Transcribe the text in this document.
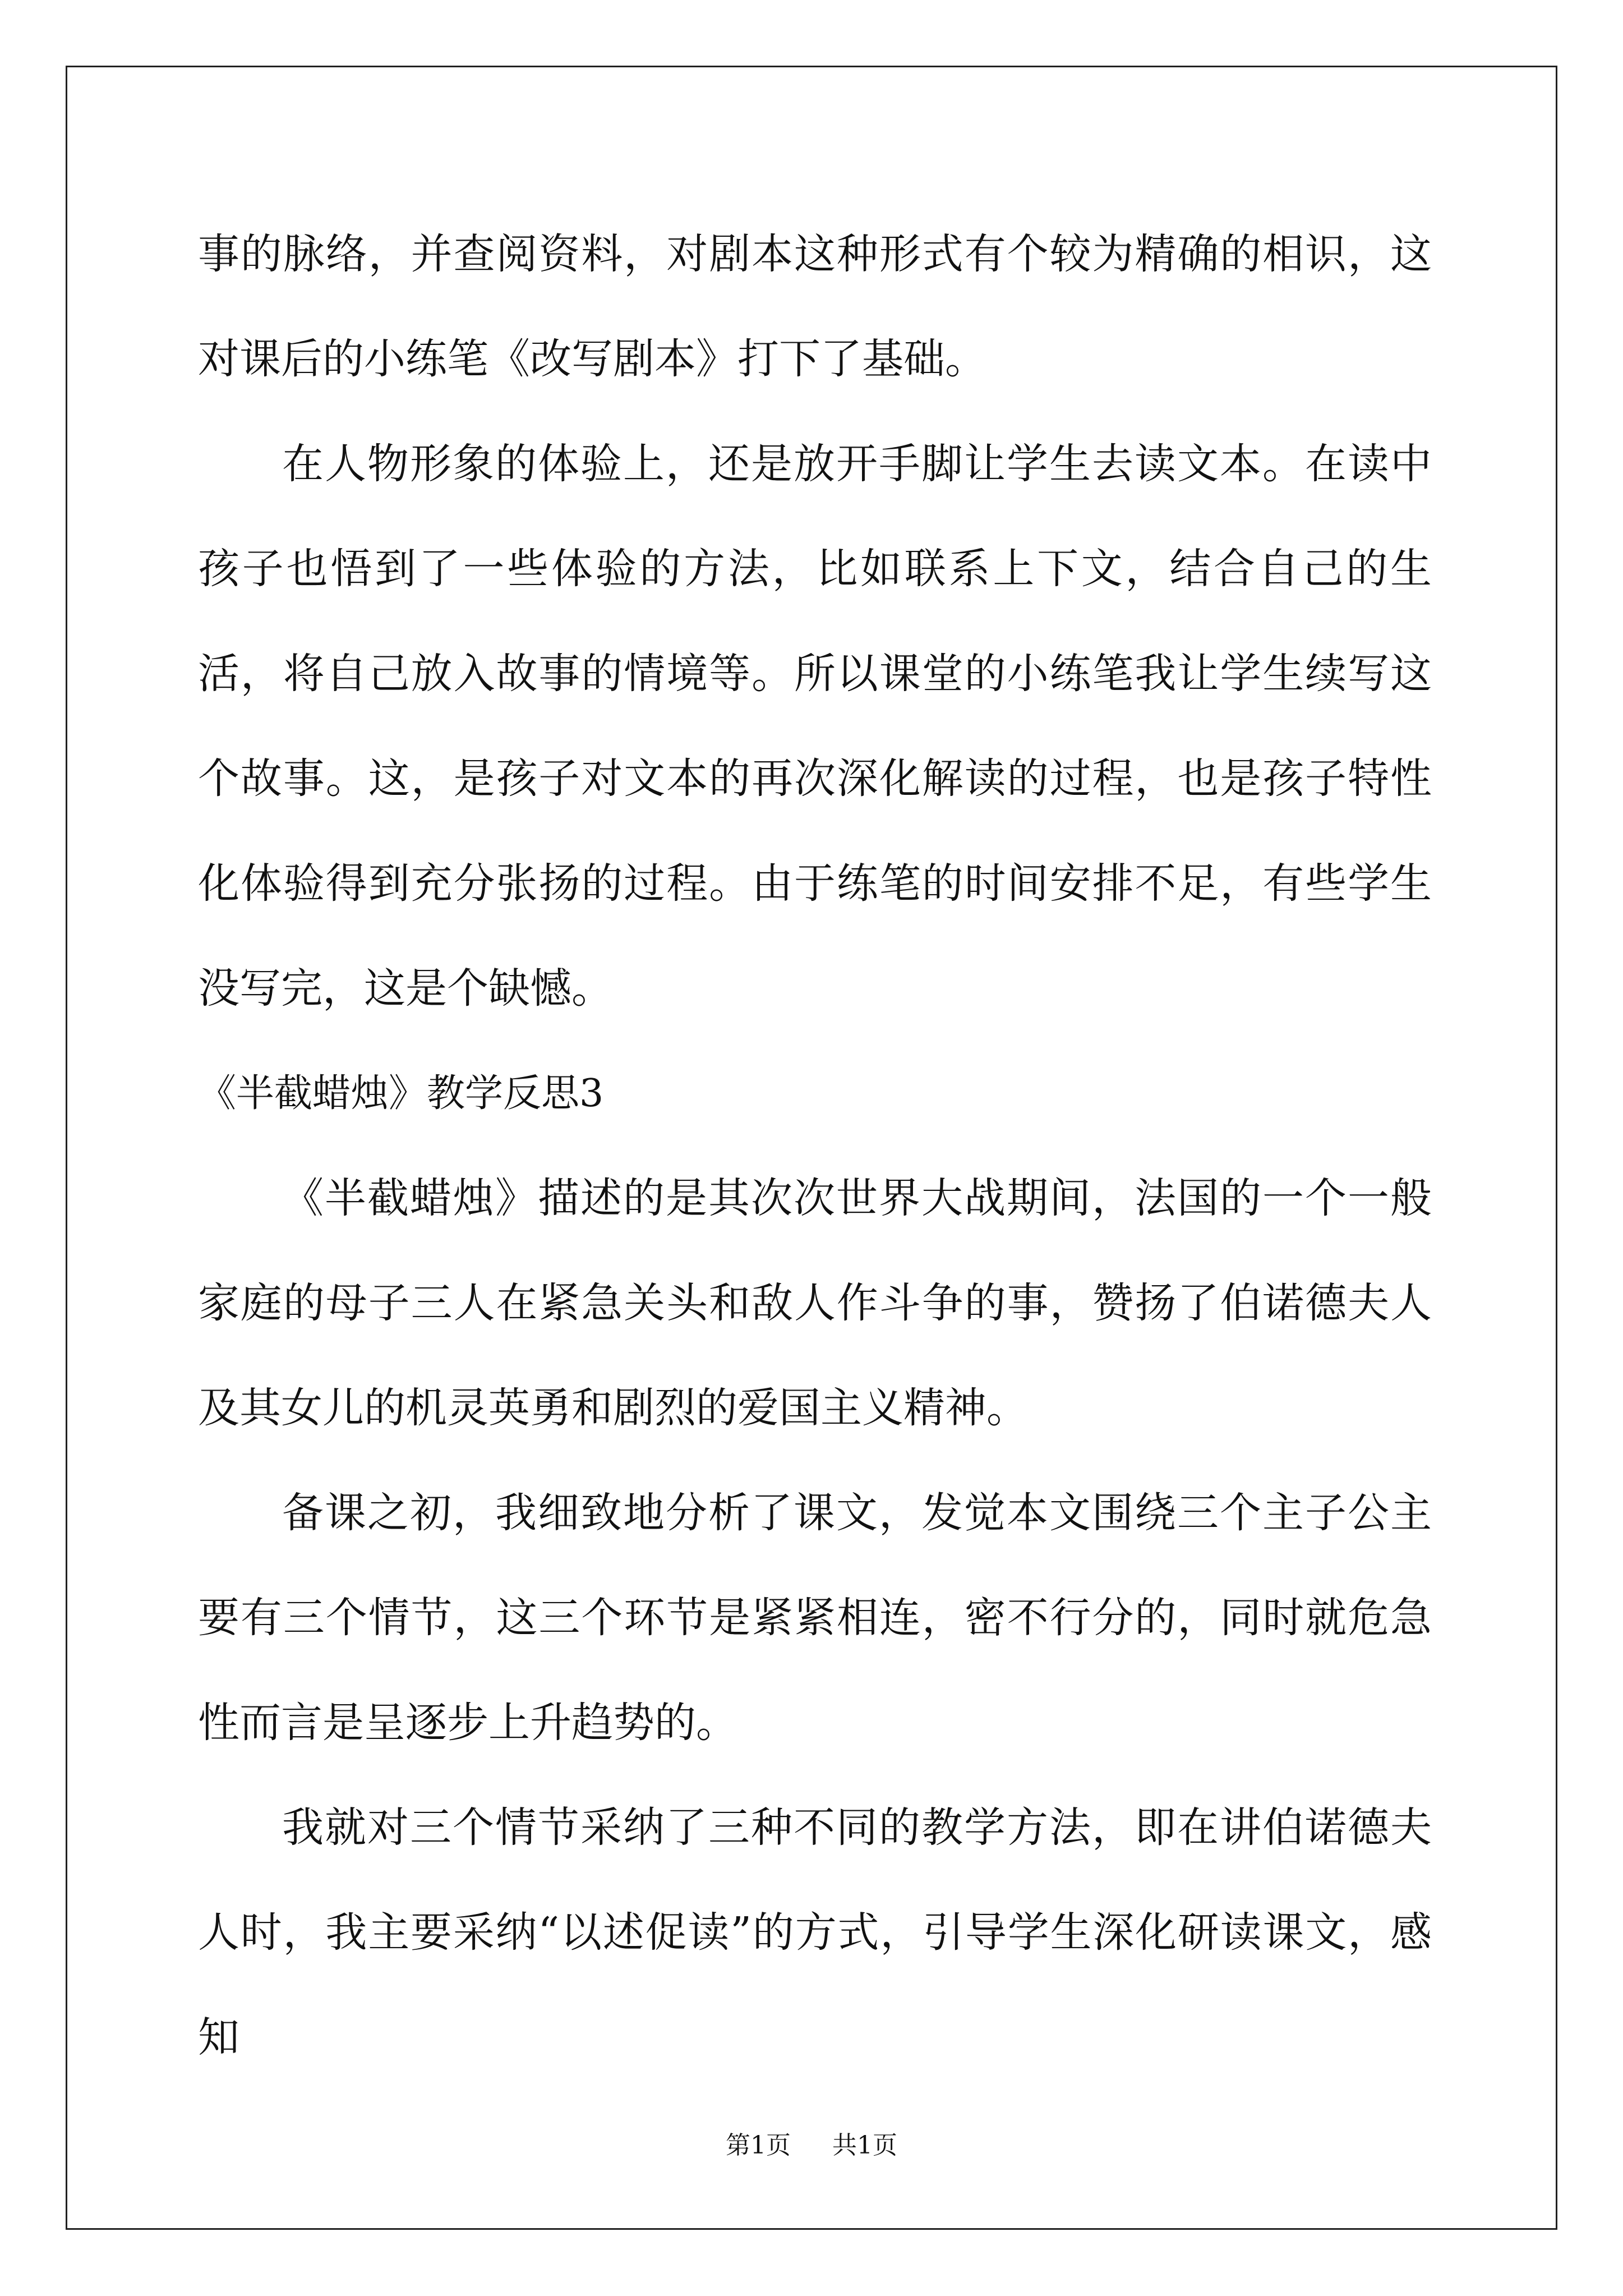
事的脉络，并查阅资料，对剧本这种形式有个较为精确的相识，这对课后的小练笔《改写剧本》打下了基础。

在人物形象的体验上，还是放开手脚让学生去读文本。在读中孩子也悟到了一些体验的方法，比如联系上下文，结合自己的生活，将自己放入故事的情境等。所以课堂的小练笔我让学生续写这个故事。这，是孩子对文本的再次深化解读的过程，也是孩子特性化体验得到充分张扬的过程。由于练笔的时间安排不足，有些学生没写完，这是个缺憾。

《半截蜡烛》教学反思3

《半截蜡烛》描述的是其次次世界大战期间，法国的一个一般家庭的母子三人在紧急关头和敌人作斗争的事，赞扬了伯诺德夫人及其女儿的机灵英勇和剧烈的爱国主义精神。

备课之初，我细致地分析了课文，发觉本文围绕三个主子公主要有三个情节，这三个环节是紧紧相连，密不行分的，同时就危急性而言是呈逐步上升趋势的。

我就对三个情节采纳了三种不同的教学方法，即在讲伯诺德夫人时，我主要采纳“以述促读”的方式，引导学生深化研读课文，感知

第1页 共1页
